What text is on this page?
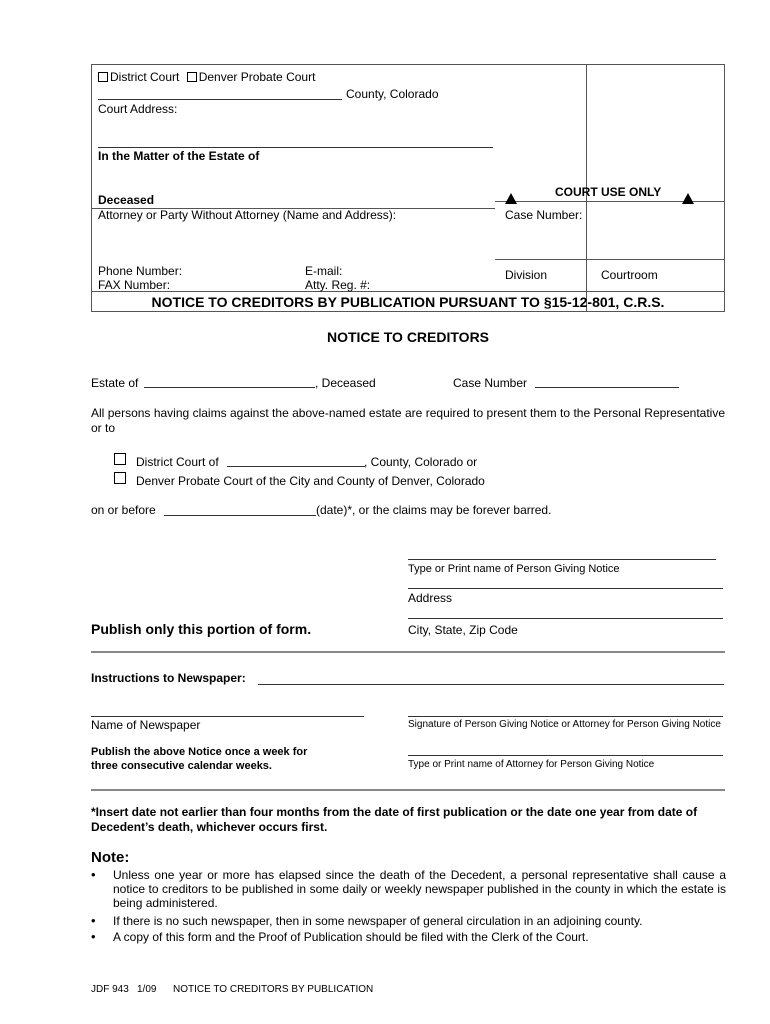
District Court Denver Probate Court
County, Colorado
Court Address:
In the Matter of the Estate of
Deceased
Attorney or Party Without Attorney (Name and Address):
Phone Number:	E-mail:
FAX Number:	Atty. Reg. #:
COURT USE ONLY
Case Number:
Division	Courtroom
NOTICE TO CREDITORS BY PUBLICATION PURSUANT TO §15-12-801, C.R.S.
NOTICE TO CREDITORS
Estate of	, Deceased	Case Number
All persons having claims against the above-named estate are required to present them to the Personal Representative or to
District Court of	, County, Colorado or
Denver Probate Court of the City and County of Denver, Colorado
on or before	(date)*, or the claims may be forever barred.
Type or Print name of Person Giving Notice
Address
Publish only this portion of form.	City, State, Zip Code
Instructions to Newspaper:
Name of Newspaper	Signature of Person Giving Notice or Attorney for Person Giving Notice
Publish the above Notice once a week for
three consecutive calendar weeks.	Type or Print name of Attorney for Person Giving Notice
*Insert date not earlier than four months from the date of first publication or the date one year from date of Decedent’s death, whichever occurs first.
Note:
• Unless one year or more has elapsed since the death of the Decedent, a personal representative shall cause a notice to creditors to be published in some daily or weekly newspaper published in the county in which the estate is being administered.
• If there is no such newspaper, then in some newspaper of general circulation in an adjoining county.
• A copy of this form and the Proof of Publication should be filed with the Clerk of the Court.
JDF 943 1/09 NOTICE TO CREDITORS BY PUBLICATION
